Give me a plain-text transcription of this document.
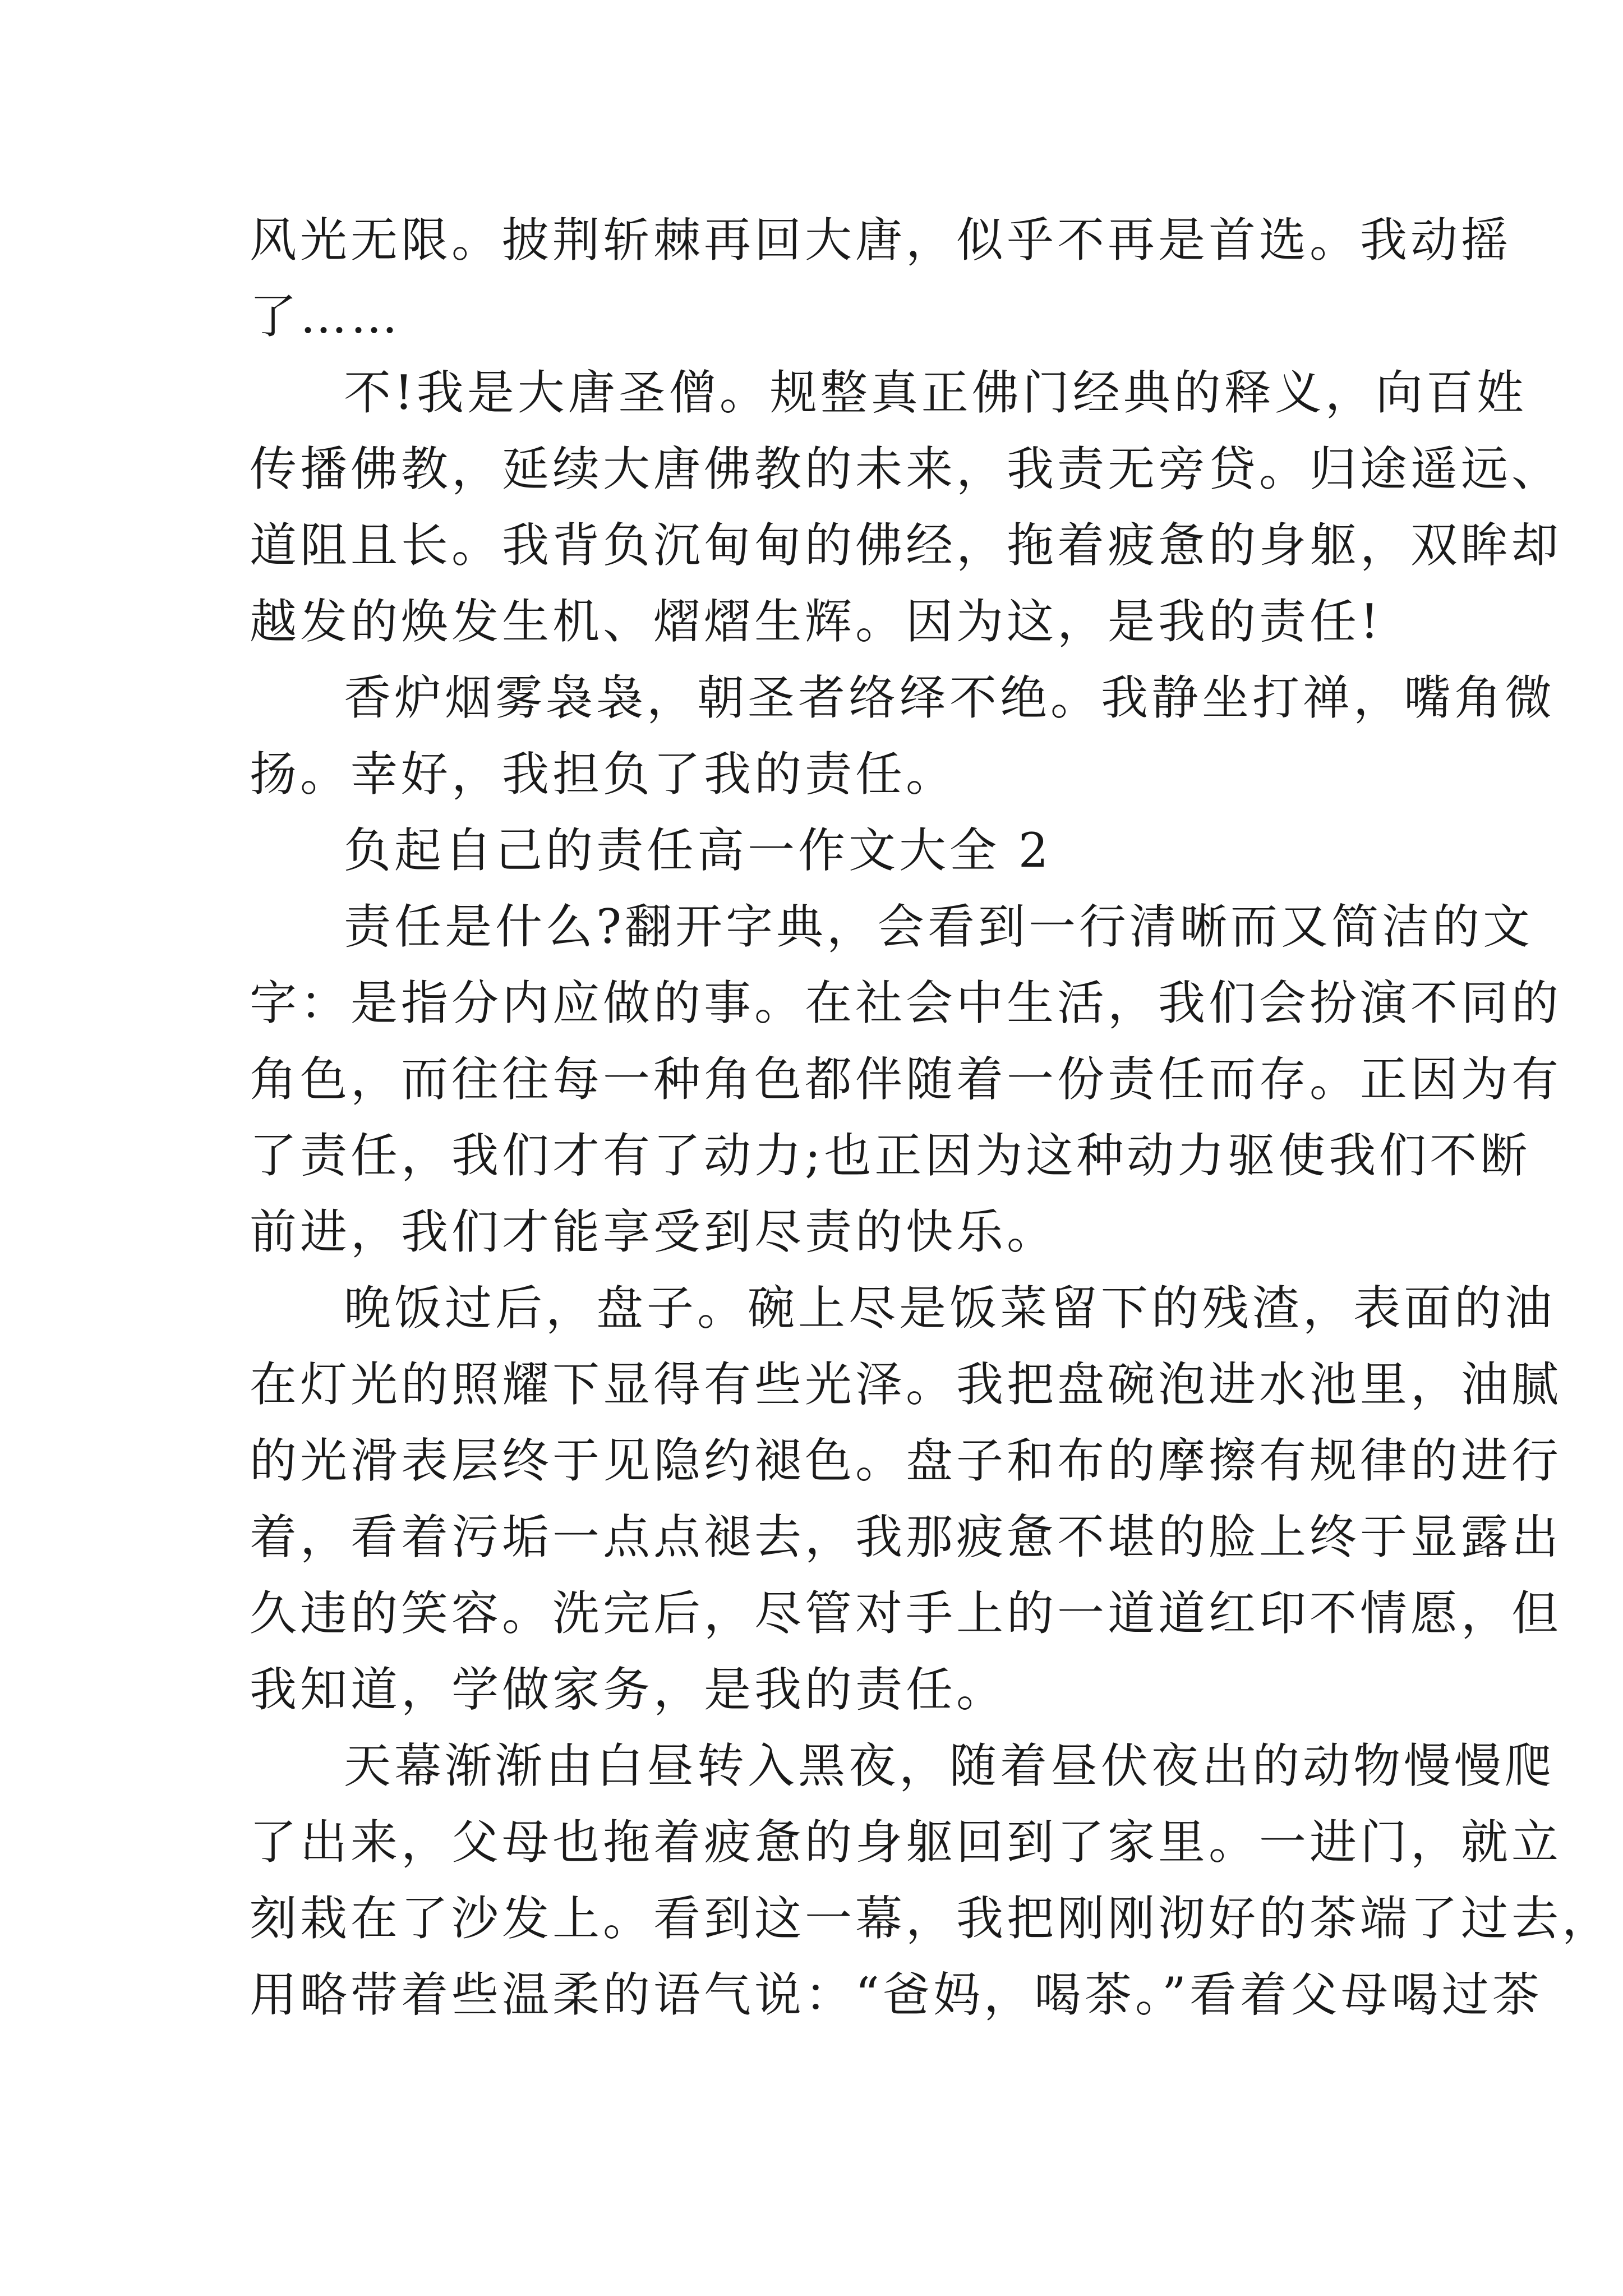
风光无限。披荆斩棘再回大唐，似乎不再是首选。我动摇
了……

不!我是大唐圣僧。规整真正佛门经典的释义，向百姓
传播佛教，延续大唐佛教的未来，我责无旁贷。归途遥远、
道阻且长。我背负沉甸甸的佛经，拖着疲惫的身躯，双眸却
越发的焕发生机、熠熠生辉。因为这，是我的责任!

香炉烟雾袅袅，朝圣者络绎不绝。我静坐打禅，嘴角微
扬。幸好，我担负了我的责任。

负起自己的责任高一作文大全 2

责任是什么?翻开字典，会看到一行清晰而又简洁的文
字：是指分内应做的事。在社会中生活，我们会扮演不同的
角色，而往往每一种角色都伴随着一份责任而存。正因为有
了责任，我们才有了动力;也正因为这种动力驱使我们不断
前进，我们才能享受到尽责的快乐。

晚饭过后，盘子。碗上尽是饭菜留下的残渣，表面的油
在灯光的照耀下显得有些光泽。我把盘碗泡进水池里，油腻
的光滑表层终于见隐约褪色。盘子和布的摩擦有规律的进行
着，看着污垢一点点褪去，我那疲惫不堪的脸上终于显露出
久违的笑容。洗完后，尽管对手上的一道道红印不情愿，但
我知道，学做家务，是我的责任。

天幕渐渐由白昼转入黑夜，随着昼伏夜出的动物慢慢爬
了出来，父母也拖着疲惫的身躯回到了家里。一进门，就立
刻栽在了沙发上。看到这一幕，我把刚刚沏好的茶端了过去，
用略带着些温柔的语气说：“爸妈，喝茶。”看着父母喝过茶
